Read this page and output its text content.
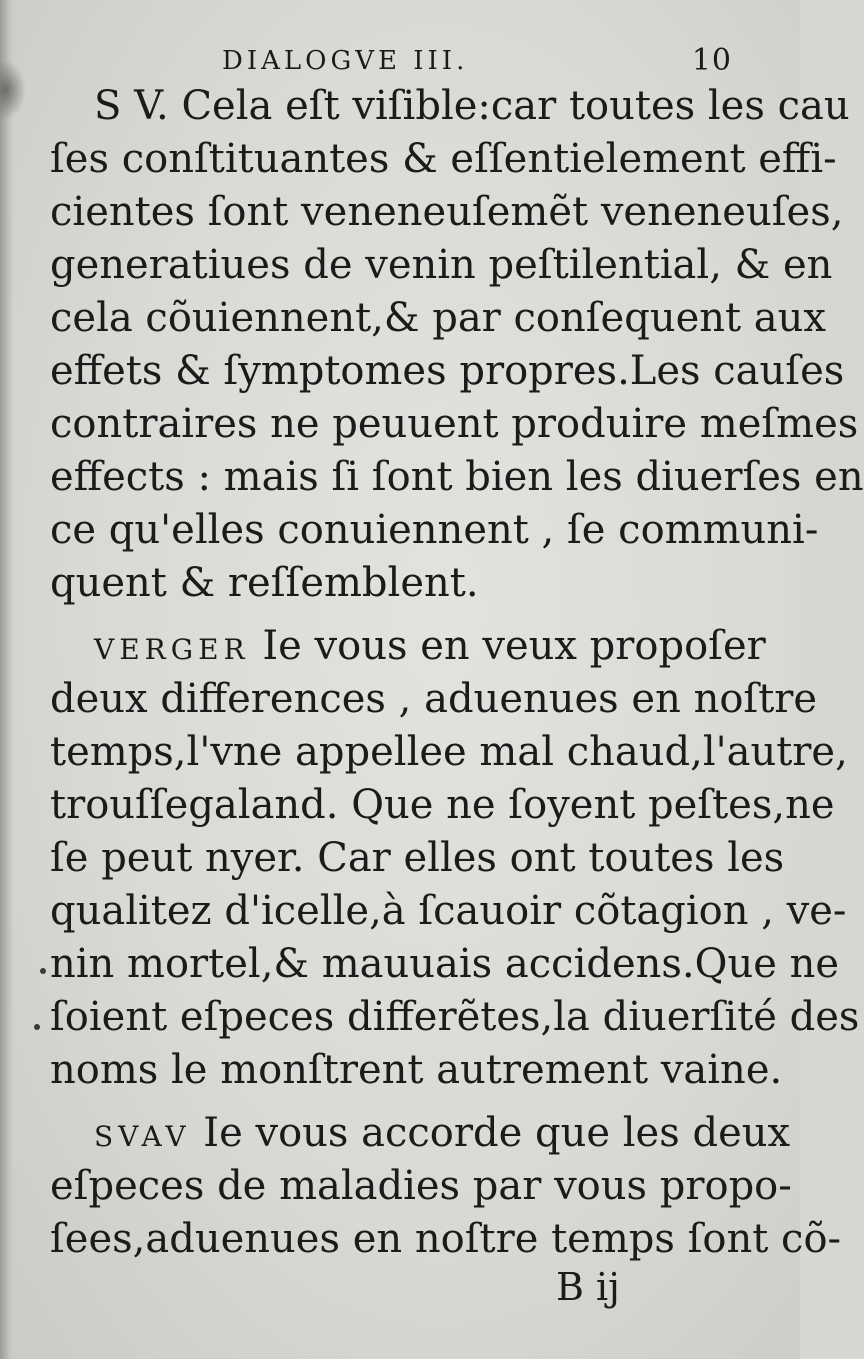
DIALOGVE III.	10
S V. Cela eſt viſible:car toutes les cau
ſes conſtituantes & eſſentielement effi-
cientes ſont veneneuſemẽt veneneuſes,
generatiues de venin peſtilential, & en
cela cõuiennent,& par conſequent aux
effets & ſymptomes propres.Les cauſes
contraires ne peuuent produire meſmes
effects : mais ſi ſont bien les diuerſes en
ce qu'elles conuiennent , ſe communi-
quent & reſſemblent.
VERGER Ie vous en veux propoſer
deux differences , aduenues en noſtre
temps,l'vne appellee mal chaud,l'autre,
trouſſegaland. Que ne ſoyent peſtes,ne
ſe peut nyer. Car elles ont toutes les
qualitez d'icelle,à ſcauoir cõtagion , ve-
nin mortel,& mauuais accidens.Que ne
ſoient eſpeces differẽtes,la diuerſité des
noms le monſtrent autrement vaine.
SVAV Ie vous accorde que les deux
eſpeces de maladies par vous propo-
ſees,aduenues en noſtre temps ſont cõ-
B ij
